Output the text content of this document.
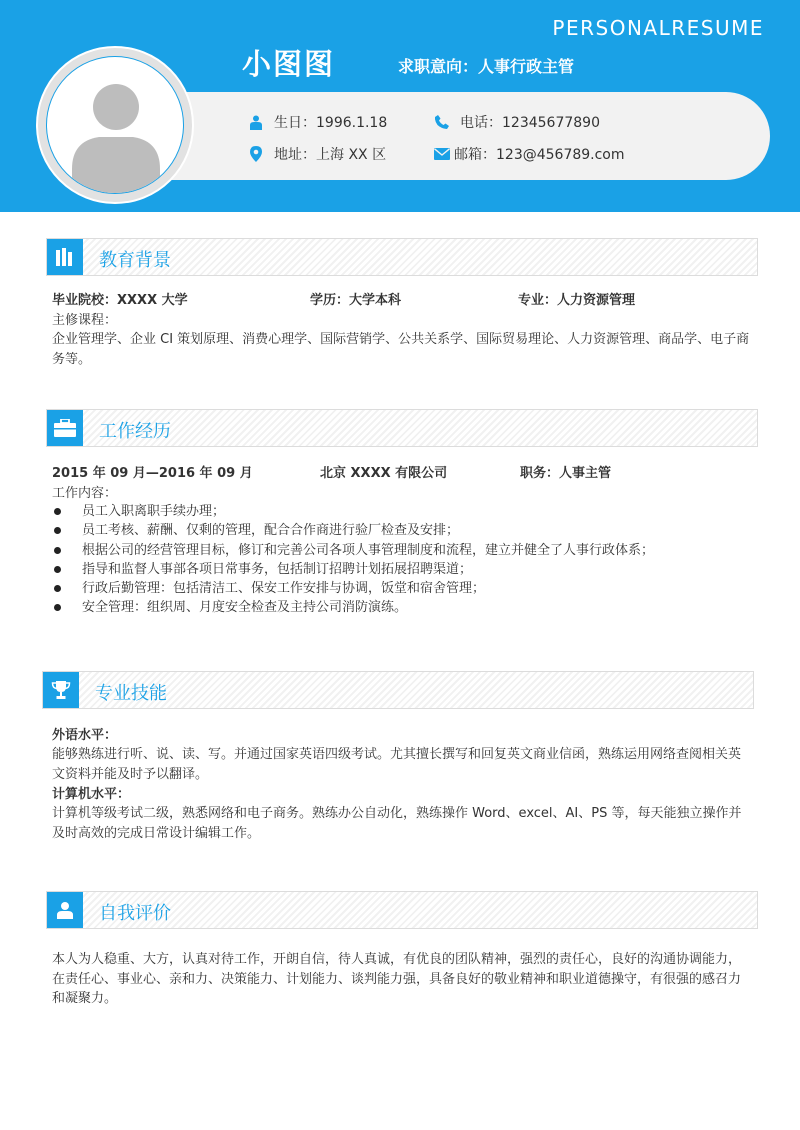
PERSONALRESUME
小图图	求职意向：人事行政主管
生日：1996.1.18	电话：12345677890
地址：上海 XX 区	邮箱：123@456789.com
教育背景
毕业院校：XXXX 大学	学历：大学本科	专业：人力资源管理
主修课程：
企业管理学、企业 CI 策划原理、消费心理学、国际营销学、公共关系学、国际贸易理论、人力资源管理、商品学、电子商务等。
工作经历
2015 年 09 月—2016 年 09 月	北京 XXXX 有限公司	职务：人事主管
工作内容：
员工入职离职手续办理；
员工考核、薪酬、仅剩的管理，配合合作商进行验厂检查及安排；
根据公司的经营管理目标，修订和完善公司各项人事管理制度和流程，建立并健全了人事行政体系；
指导和监督人事部各项日常事务，包括制订招聘计划拓展招聘渠道；
行政后勤管理：包括清洁工、保安工作安排与协调，饭堂和宿舍管理；
安全管理：组织周、月度安全检查及主持公司消防演练。
专业技能
外语水平：
能够熟练进行听、说、读、写。并通过国家英语四级考试。尤其擅长撰写和回复英文商业信函，熟练运用网络查阅相关英文资料并能及时予以翻译。
计算机水平：
计算机等级考试二级，熟悉网络和电子商务。熟练办公自动化，熟练操作 Word、excel、AI、PS 等，每天能独立操作并及时高效的完成日常设计编辑工作。
自我评价
本人为人稳重、大方，认真对待工作，开朗自信，待人真诚，有优良的团队精神，强烈的责任心，良好的沟通协调能力，在责任心、事业心、亲和力、决策能力、计划能力、谈判能力强，具备良好的敬业精神和职业道德操守，有很强的感召力和凝聚力。
